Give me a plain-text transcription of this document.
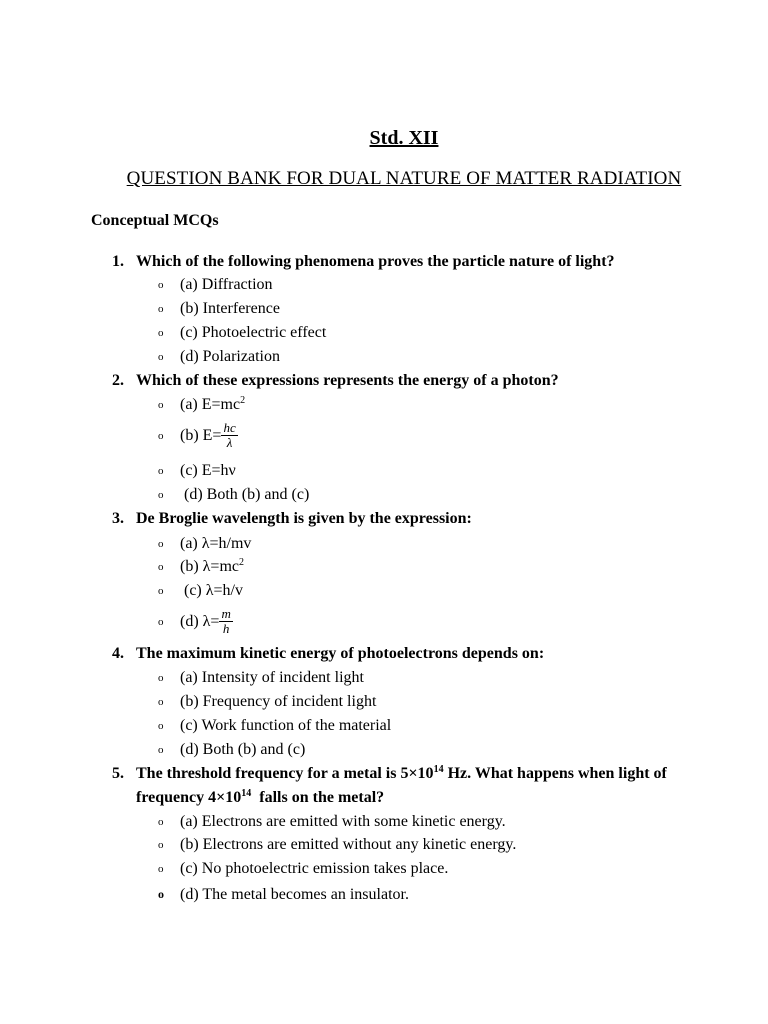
Std. XII
QUESTION BANK FOR DUAL NATURE OF MATTER RADIATION
Conceptual MCQs
1. Which of the following phenomena proves the particle nature of light?
o (a) Diffraction
o (b) Interference
o (c) Photoelectric effect
o (d) Polarization
2. Which of these expressions represents the energy of a photon?
o (a) $E=mc^2$
o (b) $E= \frac{hc}{\lambda}$
o (c) E=hν
o (d) Both (b) and (c)
3. De Broglie wavelength is given by the expression:
o (a) λ=h/mv
o (b) $\lambda=mc^2$
o (c) λ=h/v
o (d) $\lambda= \frac{m}{h}$
4. The maximum kinetic energy of photoelectrons depends on:
o (a) Intensity of incident light
o (b) Frequency of incident light
o (c) Work function of the material
o (d) Both (b) and (c)
5. The threshold frequency for a metal is $5\times 10^{14}$ Hz. What happens when light of frequency $4\times 10^{14}$  falls on the metal?
o (a) Electrons are emitted with some kinetic energy.
o (b) Electrons are emitted without any kinetic energy.
o (c) No photoelectric emission takes place.
o (d) The metal becomes an insulator.
